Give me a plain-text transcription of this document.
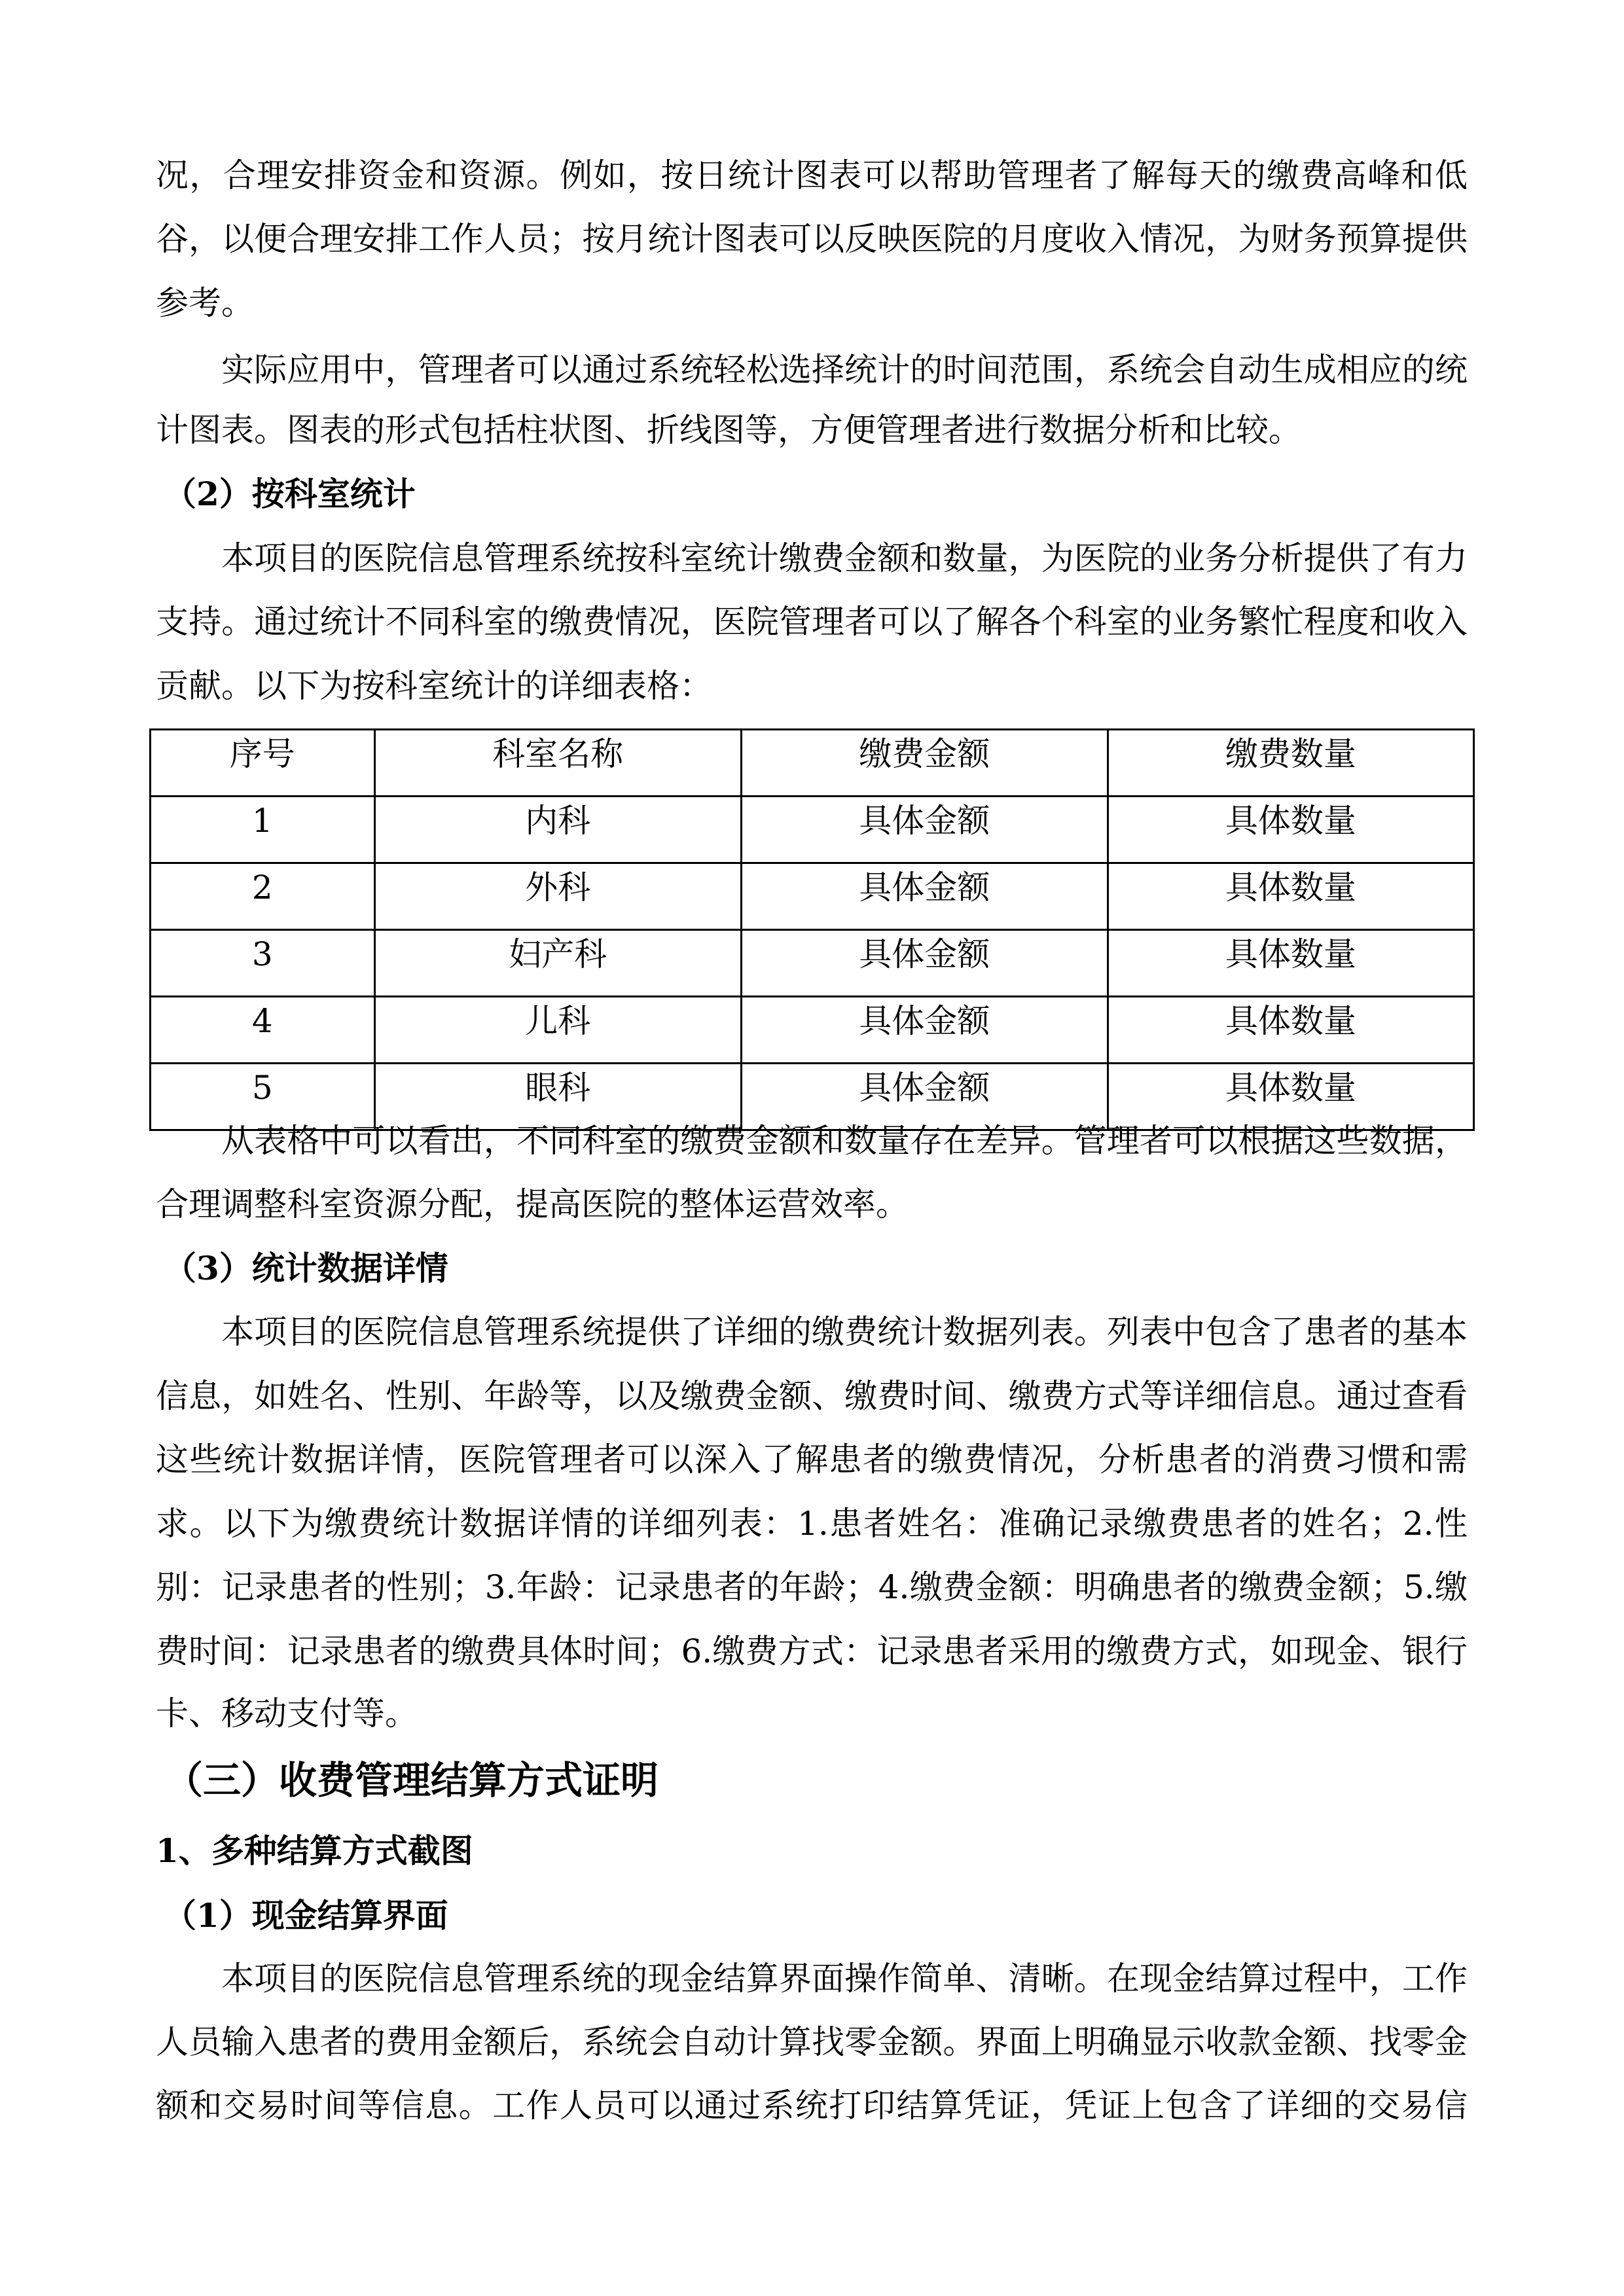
况，合理安排资金和资源。例如，按日统计图表可以帮助管理者了解每天的缴费高峰和低
谷，以便合理安排工作人员；按月统计图表可以反映医院的月度收入情况，为财务预算提供
参考。
实际应用中，管理者可以通过系统轻松选择统计的时间范围，系统会自动生成相应的统
计图表。图表的形式包括柱状图、折线图等，方便管理者进行数据分析和比较。
（2）按科室统计
本项目的医院信息管理系统按科室统计缴费金额和数量，为医院的业务分析提供了有力
支持。通过统计不同科室的缴费情况，医院管理者可以了解各个科室的业务繁忙程度和收入
贡献。以下为按科室统计的详细表格：
序号	科室名称	缴费金额	缴费数量
1	内科	具体金额	具体数量
2	外科	具体金额	具体数量
3	妇产科	具体金额	具体数量
4	儿科	具体金额	具体数量
5	眼科	具体金额	具体数量
从表格中可以看出，不同科室的缴费金额和数量存在差异。管理者可以根据这些数据，
合理调整科室资源分配，提高医院的整体运营效率。
（3）统计数据详情
本项目的医院信息管理系统提供了详细的缴费统计数据列表。列表中包含了患者的基本
信息，如姓名、性别、年龄等，以及缴费金额、缴费时间、缴费方式等详细信息。通过查看
这些统计数据详情，医院管理者可以深入了解患者的缴费情况，分析患者的消费习惯和需
求。以下为缴费统计数据详情的详细列表：1.患者姓名：准确记录缴费患者的姓名；2.性
别：记录患者的性别；3.年龄：记录患者的年龄；4.缴费金额：明确患者的缴费金额；5.缴
费时间：记录患者的缴费具体时间；6.缴费方式：记录患者采用的缴费方式，如现金、银行
卡、移动支付等。
（三）收费管理结算方式证明
1、多种结算方式截图
（1）现金结算界面
本项目的医院信息管理系统的现金结算界面操作简单、清晰。在现金结算过程中，工作
人员输入患者的费用金额后，系统会自动计算找零金额。界面上明确显示收款金额、找零金
额和交易时间等信息。工作人员可以通过系统打印结算凭证，凭证上包含了详细的交易信
